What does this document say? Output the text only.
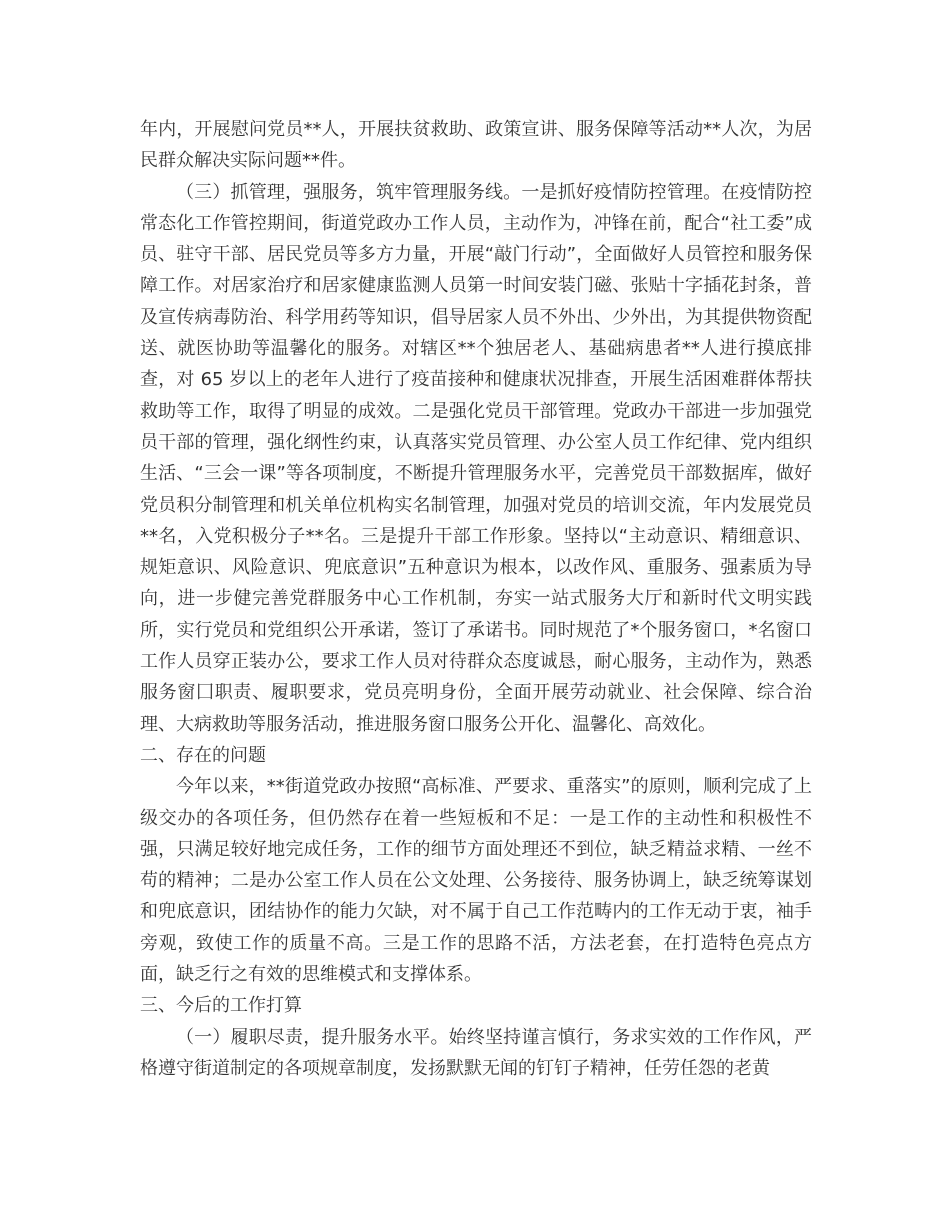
年内，开展慰问党员**人，开展扶贫救助、政策宣讲、服务保障等活动**人次，为居民群众解决实际问题**件。

（三）抓管理，强服务，筑牢管理服务线。一是抓好疫情防控管理。在疫情防控常态化工作管控期间，街道党政办工作人员，主动作为，冲锋在前，配合“社工委”成员、驻守干部、居民党员等多方力量，开展“敲门行动”，全面做好人员管控和服务保障工作。对居家治疗和居家健康监测人员第一时间安装门磁、张贴十字插花封条，普及宣传病毒防治、科学用药等知识，倡导居家人员不外出、少外出，为其提供物资配送、就医协助等温馨化的服务。对辖区**个独居老人、基础病患者**人进行摸底排查，对 65 岁以上的老年人进行了疫苗接种和健康状况排查，开展生活困难群体帮扶救助等工作，取得了明显的成效。二是强化党员干部管理。党政办干部进一步加强党员干部的管理，强化纲性约束，认真落实党员管理、办公室人员工作纪律、党内组织生活、“三会一课”等各项制度，不断提升管理服务水平，完善党员干部数据库，做好党员积分制管理和机关单位机构实名制管理，加强对党员的培训交流，年内发展党员**名，入党积极分子**名。三是提升干部工作形象。坚持以“主动意识、精细意识、规矩意识、风险意识、兜底意识”五种意识为根本，以改作风、重服务、强素质为导向，进一步健完善党群服务中心工作机制，夯实一站式服务大厅和新时代文明实践所，实行党员和党组织公开承诺，签订了承诺书。同时规范了*个服务窗口，*名窗口工作人员穿正装办公，要求工作人员对待群众态度诚恳，耐心服务，主动作为，熟悉服务窗囗职责、履职要求，党员亮明身份，全面开展劳动就业、社会保障、综合治理、大病救助等服务活动，推进服务窗口服务公开化、温馨化、高效化。

二、存在的问题

今年以来，**街道党政办按照“高标准、严要求、重落实”的原则，顺利完成了上级交办的各项任务，但仍然存在着一些短板和不足：一是工作的主动性和积极性不强，只满足较好地完成任务，工作的细节方面处理还不到位，缺乏精益求精、一丝不苟的精神；二是办公室工作人员在公文处理、公务接待、服务协调上，缺乏统筹谋划和兜底意识，团结协作的能力欠缺，对不属于自己工作范畴内的工作无动于衷，袖手旁观，致使工作的质量不高。三是工作的思路不活，方法老套，在打造特色亮点方面，缺乏行之有效的思维模式和支撑体系。

三、今后的工作打算

（一）履职尽责，提升服务水平。始终坚持谨言慎行，务求实效的工作作风，严格遵守街道制定的各项规章制度，发扬默默无闻的钉钉子精神，任劳任怨的老黄
